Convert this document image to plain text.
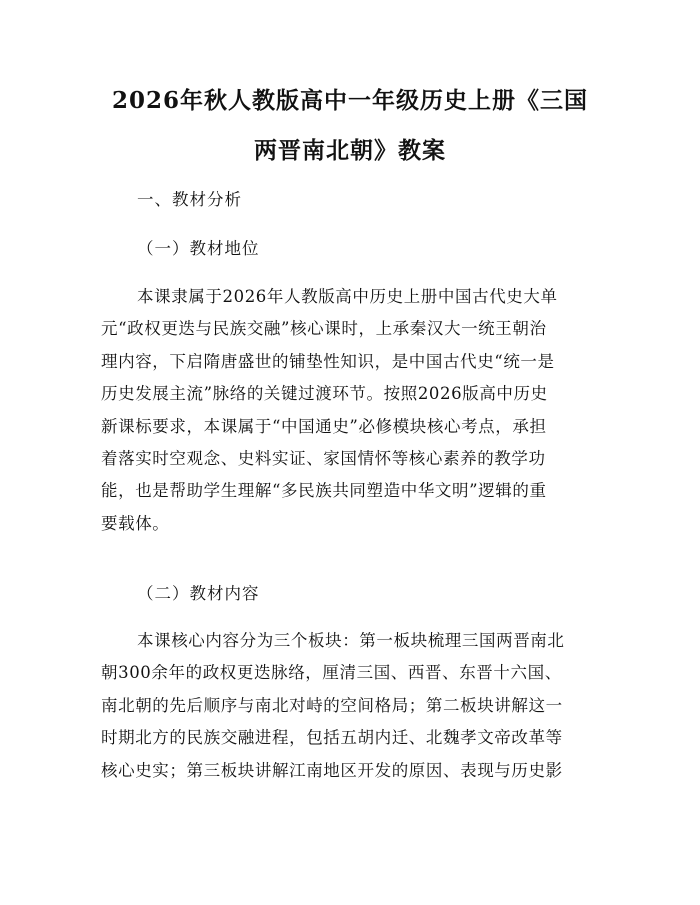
2026年秋人教版高中一年级历史上册《三国
两晋南北朝》教案
一、教材分析
（一）教材地位
本课隶属于2026年人教版高中历史上册中国古代史大单
元“政权更迭与民族交融”核心课时，上承秦汉大一统王朝治
理内容，下启隋唐盛世的铺垫性知识，是中国古代史“统一是
历史发展主流”脉络的关键过渡环节。按照2026版高中历史
新课标要求，本课属于“中国通史”必修模块核心考点，承担
着落实时空观念、史料实证、家国情怀等核心素养的教学功
能，也是帮助学生理解“多民族共同塑造中华文明”逻辑的重
要载体。
（二）教材内容
本课核心内容分为三个板块：第一板块梳理三国两晋南北
朝300余年的政权更迭脉络，厘清三国、西晋、东晋十六国、
南北朝的先后顺序与南北对峙的空间格局；第二板块讲解这一
时期北方的民族交融进程，包括五胡内迁、北魏孝文帝改革等
核心史实；第三板块讲解江南地区开发的原因、表现与历史影
